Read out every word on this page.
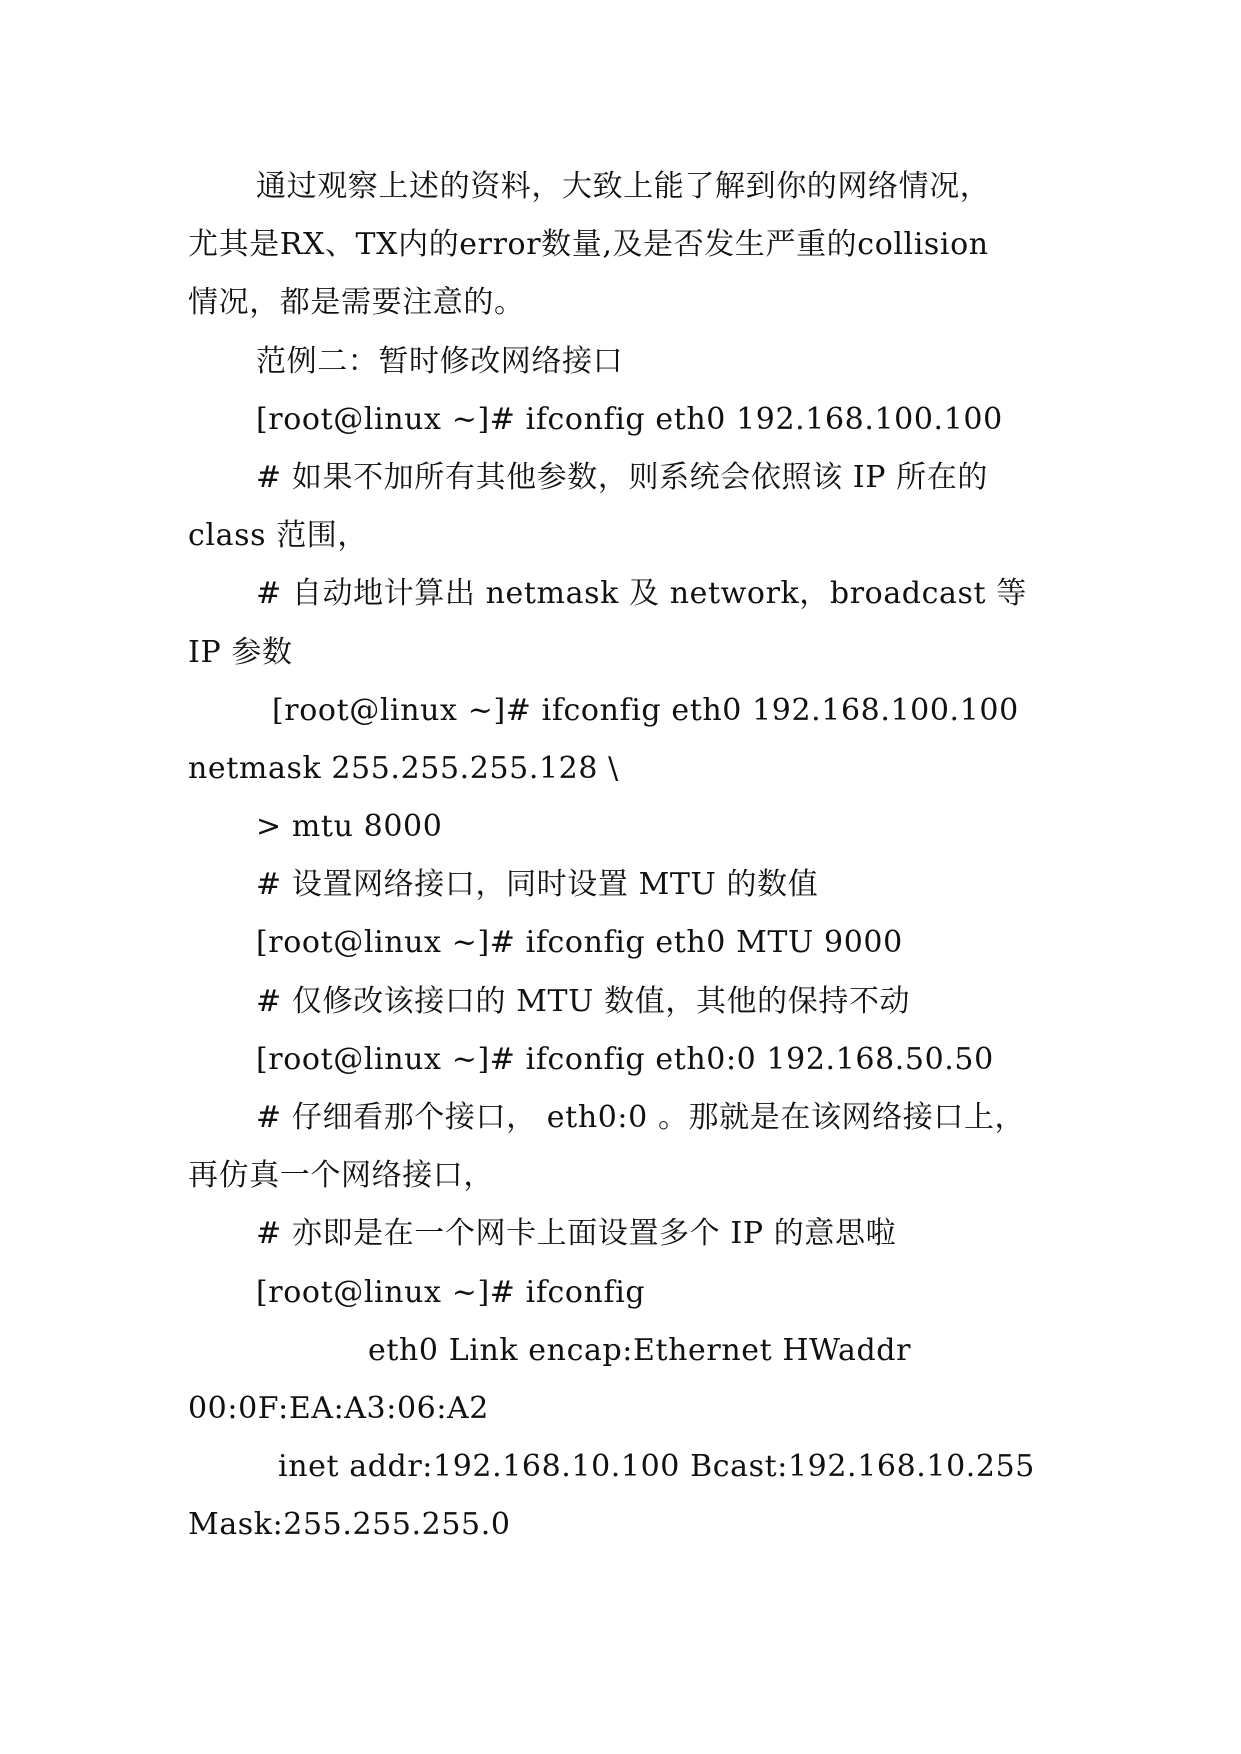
通过观察上述的资料，大致上能了解到你的网络情况，
尤其是RX、TX内的error数量,及是否发生严重的collision
情况，都是需要注意的。
范例二：暂时修改网络接口
[root@linux ~]# ifconfig eth0 192.168.100.100
# 如果不加所有其他参数，则系统会依照该 IP 所在的
class 范围，
# 自动地计算出 netmask 及 network，broadcast 等
IP 参数
[root@linux ~]# ifconfig eth0 192.168.100.100
netmask 255.255.255.128 \
> mtu 8000
# 设置网络接口，同时设置 MTU 的数值
[root@linux ~]# ifconfig eth0 MTU 9000
# 仅修改该接口的 MTU 数值，其他的保持不动
[root@linux ~]# ifconfig eth0:0 192.168.50.50
# 仔细看那个接口， eth0:0 。那就是在该网络接口上，
再仿真一个网络接口，
# 亦即是在一个网卡上面设置多个 IP 的意思啦
[root@linux ~]# ifconfig
eth0 Link encap:Ethernet HWaddr
00:0F:EA:A3:06:A2
inet addr:192.168.10.100 Bcast:192.168.10.255
Mask:255.255.255.0
